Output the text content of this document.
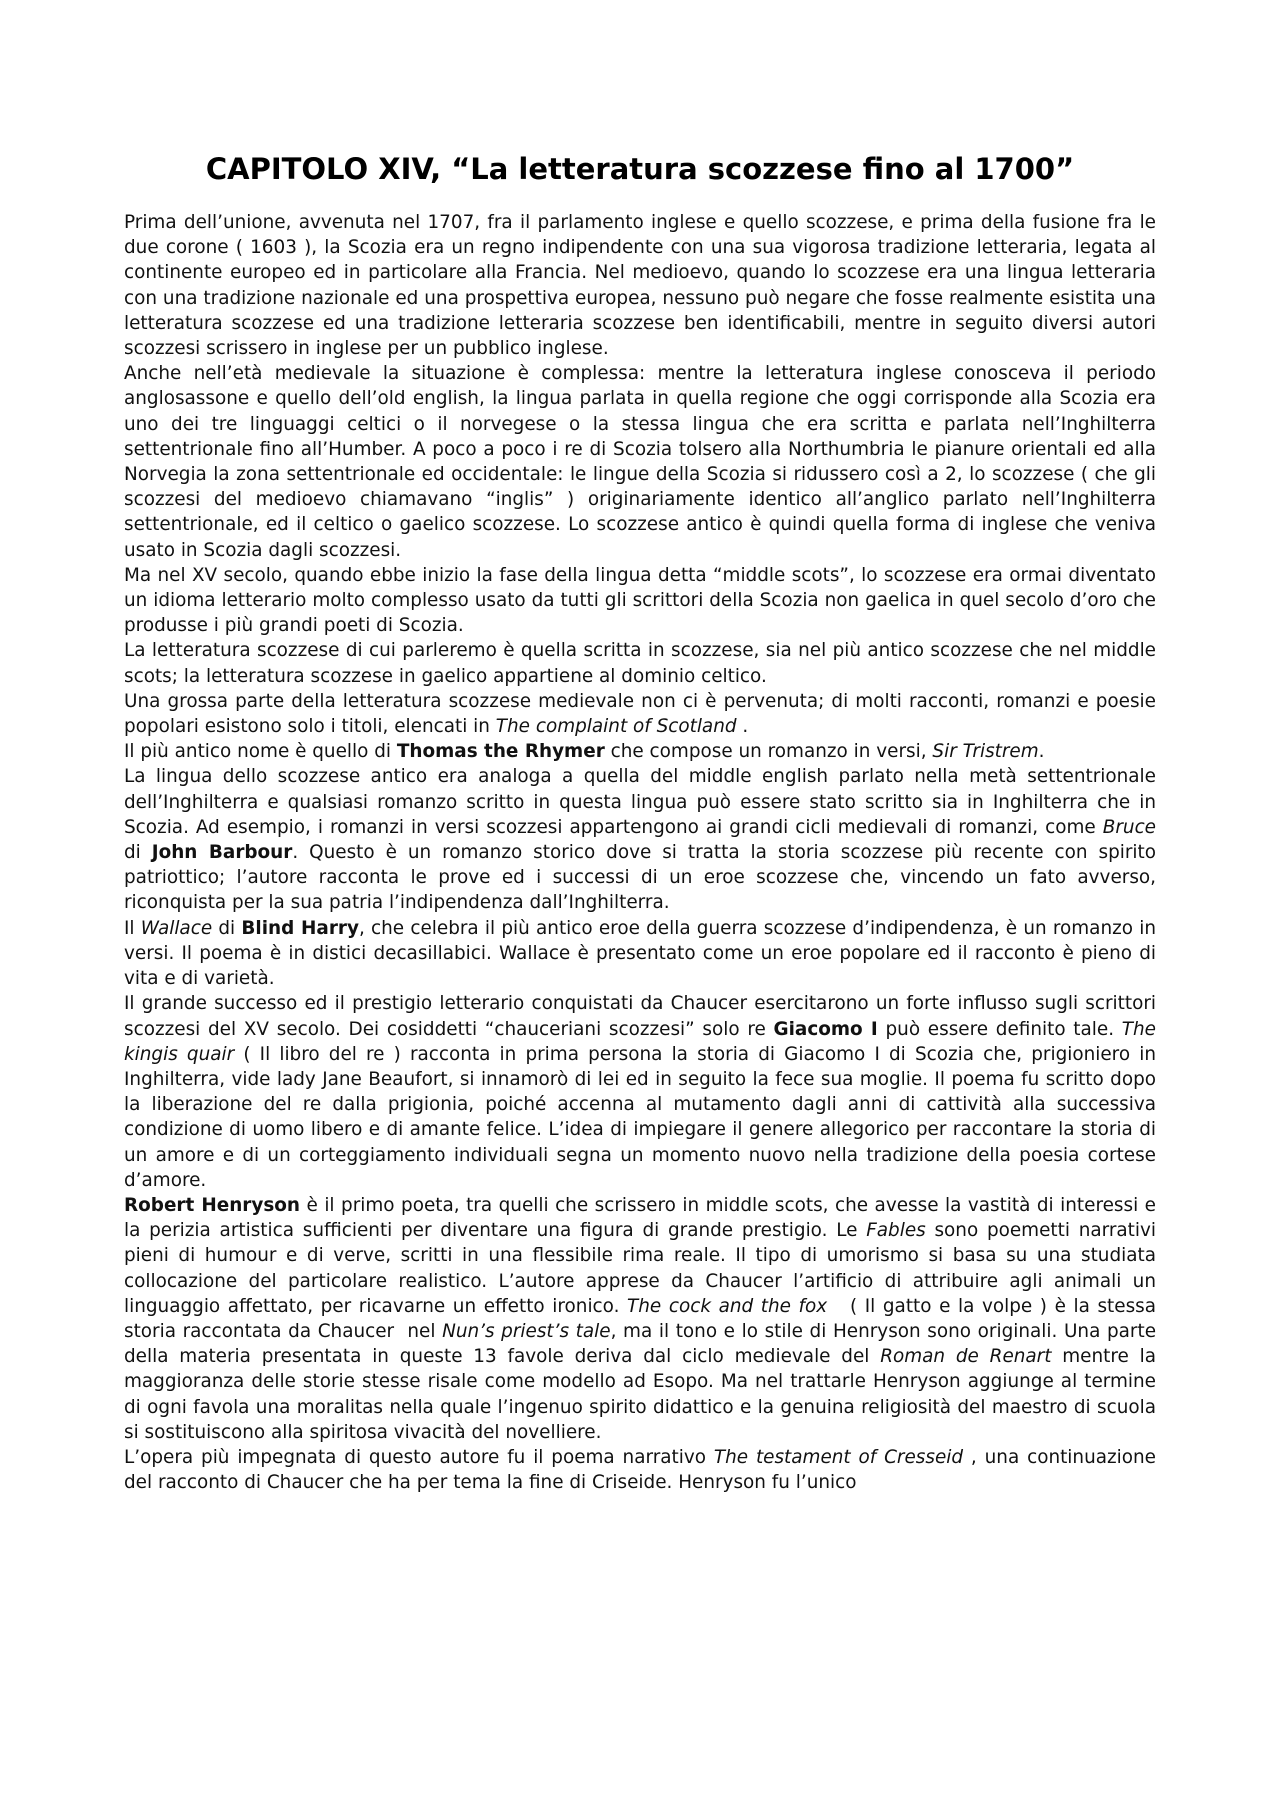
CAPITOLO XIV, “La letteratura scozzese fino al 1700”

Prima dell’unione, avvenuta nel 1707, fra il parlamento inglese e quello scozzese, e prima della fusione fra le due corone ( 1603 ), la Scozia era un regno indipendente con una sua vigorosa tradizione letteraria, legata al continente europeo ed in particolare alla Francia. Nel medioevo, quando lo scozzese era una lingua letteraria con una tradizione nazionale ed una prospettiva europea, nessuno può negare che fosse realmente esistita una letteratura scozzese ed una tradizione letteraria scozzese ben identificabili, mentre in seguito diversi autori scozzesi scrissero in inglese per un pubblico inglese.

Anche nell’età medievale la situazione è complessa: mentre la letteratura inglese conosceva il periodo anglosassone e quello dell’old english, la lingua parlata in quella regione che oggi corrisponde alla Scozia era uno dei tre linguaggi celtici o il norvegese o la stessa lingua che era scritta e parlata nell’Inghilterra settentrionale fino all’Humber. A poco a poco i re di Scozia tolsero alla Northumbria le pianure orientali ed alla Norvegia la zona settentrionale ed occidentale: le lingue della Scozia si ridussero così a 2, lo scozzese ( che gli scozzesi del medioevo chiamavano “inglis” ) originariamente identico all’anglico parlato nell’Inghilterra settentrionale, ed il celtico o gaelico scozzese. Lo scozzese antico è quindi quella forma di inglese che veniva usato in Scozia dagli scozzesi.

Ma nel XV secolo, quando ebbe inizio la fase della lingua detta “middle scots”, lo scozzese era ormai diventato un idioma letterario molto complesso usato da tutti gli scrittori della Scozia non gaelica in quel secolo d’oro che produsse i più grandi poeti di Scozia.

La letteratura scozzese di cui parleremo è quella scritta in scozzese, sia nel più antico scozzese che nel middle scots; la letteratura scozzese in gaelico appartiene al dominio celtico.

Una grossa parte della letteratura scozzese medievale non ci è pervenuta; di molti racconti, romanzi e poesie popolari esistono solo i titoli, elencati in The complaint of Scotland .

Il più antico nome è quello di Thomas the Rhymer che compose un romanzo in versi, Sir Tristrem.

La lingua dello scozzese antico era analoga a quella del middle english parlato nella metà settentrionale dell’Inghilterra e qualsiasi romanzo scritto in questa lingua può essere stato scritto sia in Inghilterra che in Scozia. Ad esempio, i romanzi in versi scozzesi appartengono ai grandi cicli medievali di romanzi, come Bruce di John Barbour. Questo è un romanzo storico dove si tratta la storia scozzese più recente con spirito patriottico; l’autore racconta le prove ed i successi di un eroe scozzese che, vincendo un fato avverso, riconquista per la sua patria l’indipendenza dall’Inghilterra.

Il Wallace di Blind Harry, che celebra il più antico eroe della guerra scozzese d’indipendenza, è un romanzo in versi. Il poema è in distici decasillabici. Wallace è presentato come un eroe popolare ed il racconto è pieno di vita e di varietà.

Il grande successo ed il prestigio letterario conquistati da Chaucer esercitarono un forte influsso sugli scrittori scozzesi del XV secolo. Dei cosiddetti “chauceriani scozzesi” solo re Giacomo I può essere definito tale. The kingis quair ( Il libro del re ) racconta in prima persona la storia di Giacomo I di Scozia che, prigioniero in Inghilterra, vide lady Jane Beaufort, si innamorò di lei ed in seguito la fece sua moglie. Il poema fu scritto dopo la liberazione del re dalla prigionia, poiché accenna al mutamento dagli anni di cattività alla successiva condizione di uomo libero e di amante felice. L’idea di impiegare il genere allegorico per raccontare la storia di un amore e di un corteggiamento individuali segna un momento nuovo nella tradizione della poesia cortese d’amore.

Robert Henryson è il primo poeta, tra quelli che scrissero in middle scots, che avesse la vastità di interessi e la perizia artistica sufficienti per diventare una figura di grande prestigio. Le Fables sono poemetti narrativi pieni di humour e di verve, scritti in una flessibile rima reale. Il tipo di umorismo si basa su una studiata collocazione del particolare realistico. L’autore apprese da Chaucer l’artificio di attribuire agli animali un linguaggio affettato, per ricavarne un effetto ironico. The cock and the fox   ( Il gatto e la volpe ) è la stessa storia raccontata da Chaucer  nel Nun’s priest’s tale, ma il tono e lo stile di Henryson sono originali. Una parte della materia presentata in queste 13 favole deriva dal ciclo medievale del Roman de Renart mentre la maggioranza delle storie stesse risale come modello ad Esopo. Ma nel trattarle Henryson aggiunge al termine di ogni favola una moralitas nella quale l’ingenuo spirito didattico e la genuina religiosità del maestro di scuola si sostituiscono alla spiritosa vivacità del novelliere.

L’opera più impegnata di questo autore fu il poema narrativo The testament of Cresseid , una continuazione del racconto di Chaucer che ha per tema la fine di Criseide. Henryson fu l’unico
